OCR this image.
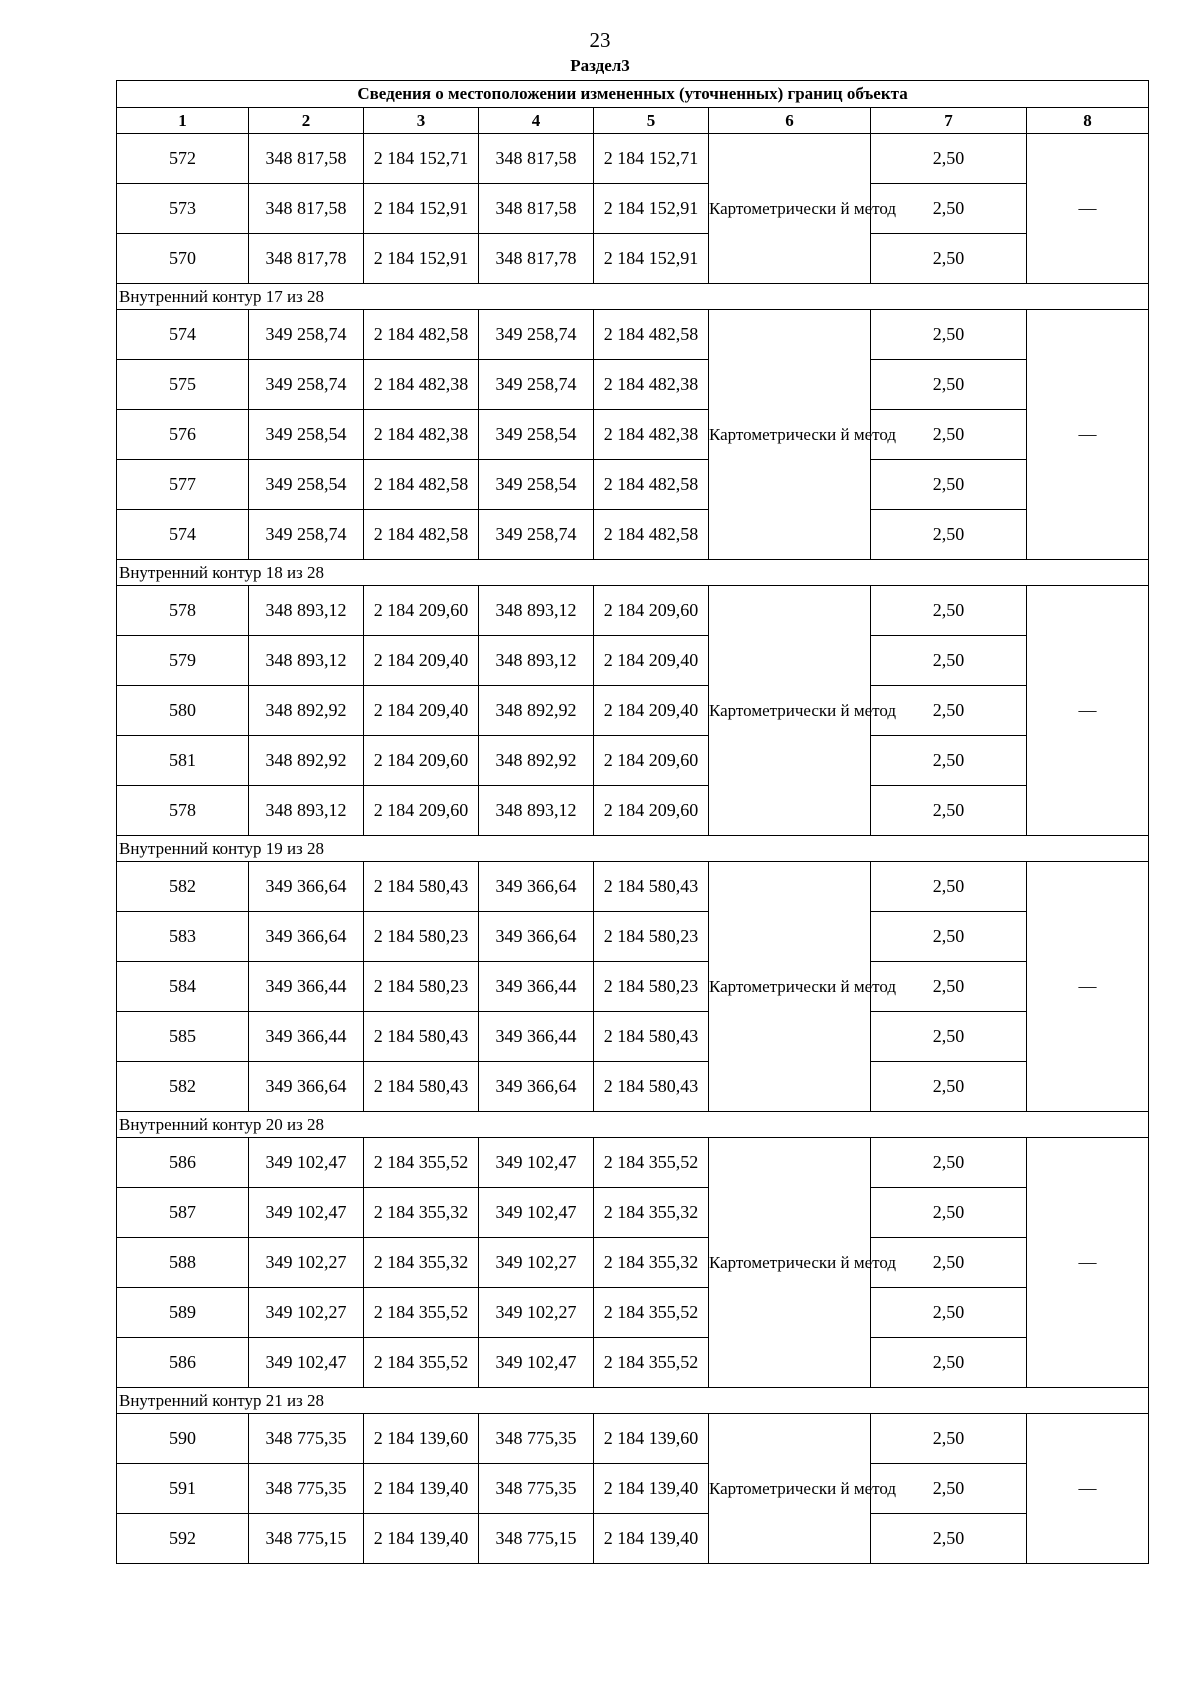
23
Раздел3
Сведения о местоположении измененных (уточненных) границ объекта							
1	2	3	4	5	6	7	8
572	348 817,58	2 184 152,71	348 817,58	2 184 152,71	Картометрически й метод	2,50	—
573	348 817,58	2 184 152,91	348 817,58	2 184 152,91		2,50	
570	348 817,78	2 184 152,91	348 817,78	2 184 152,91		2,50	
Внутренний контур 17 из 28							
574	349 258,74	2 184 482,58	349 258,74	2 184 482,58	Картометрически й метод	2,50	—
575	349 258,74	2 184 482,38	349 258,74	2 184 482,38		2,50	
576	349 258,54	2 184 482,38	349 258,54	2 184 482,38		2,50	
577	349 258,54	2 184 482,58	349 258,54	2 184 482,58		2,50	
574	349 258,74	2 184 482,58	349 258,74	2 184 482,58		2,50	
Внутренний контур 18 из 28							
578	348 893,12	2 184 209,60	348 893,12	2 184 209,60	Картометрически й метод	2,50	—
579	348 893,12	2 184 209,40	348 893,12	2 184 209,40		2,50	
580	348 892,92	2 184 209,40	348 892,92	2 184 209,40		2,50	
581	348 892,92	2 184 209,60	348 892,92	2 184 209,60		2,50	
578	348 893,12	2 184 209,60	348 893,12	2 184 209,60		2,50	
Внутренний контур 19 из 28							
582	349 366,64	2 184 580,43	349 366,64	2 184 580,43	Картометрически й метод	2,50	—
583	349 366,64	2 184 580,23	349 366,64	2 184 580,23		2,50	
584	349 366,44	2 184 580,23	349 366,44	2 184 580,23		2,50	
585	349 366,44	2 184 580,43	349 366,44	2 184 580,43		2,50	
582	349 366,64	2 184 580,43	349 366,64	2 184 580,43		2,50	
Внутренний контур 20 из 28							
586	349 102,47	2 184 355,52	349 102,47	2 184 355,52	Картометрически й метод	2,50	—
587	349 102,47	2 184 355,32	349 102,47	2 184 355,32		2,50	
588	349 102,27	2 184 355,32	349 102,27	2 184 355,32		2,50	
589	349 102,27	2 184 355,52	349 102,27	2 184 355,52		2,50	
586	349 102,47	2 184 355,52	349 102,47	2 184 355,52		2,50	
Внутренний контур 21 из 28							
590	348 775,35	2 184 139,60	348 775,35	2 184 139,60	Картометрически й метод	2,50	—
591	348 775,35	2 184 139,40	348 775,35	2 184 139,40		2,50	
592	348 775,15	2 184 139,40	348 775,15	2 184 139,40		2,50	
